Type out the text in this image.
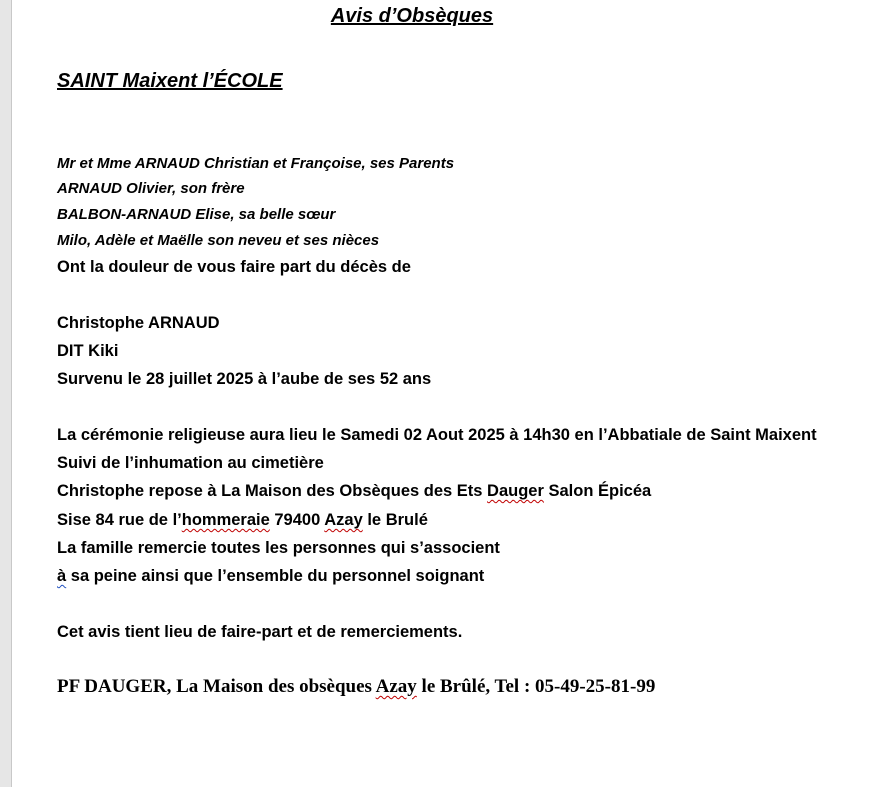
Avis d’Obsèques
SAINT Maixent l’ÉCOLE
Mr et Mme ARNAUD Christian et Françoise, ses Parents
ARNAUD Olivier, son frère
BALBON-ARNAUD Elise, sa belle sœur
Milo, Adèle et Maëlle son neveu et ses nièces
Ont la douleur de vous faire part du décès de
Christophe ARNAUD
DIT Kiki
Survenu le 28 juillet 2025 à l’aube de ses 52 ans
La cérémonie religieuse aura lieu le Samedi 02 Aout 2025 à 14h30 en l’Abbatiale de Saint Maixent
Suivi de l’inhumation au cimetière
Christophe repose à La Maison des Obsèques des Ets Dauger Salon Épicéa
Sise 84 rue de l’hommeraie 79400 Azay le Brulé
La famille remercie toutes les personnes qui s’associent
à sa peine ainsi que l’ensemble du personnel soignant
Cet avis tient lieu de faire-part et de remerciements.
PF DAUGER, La Maison des obsèques Azay le Brûlé, Tel : 05-49-25-81-99
